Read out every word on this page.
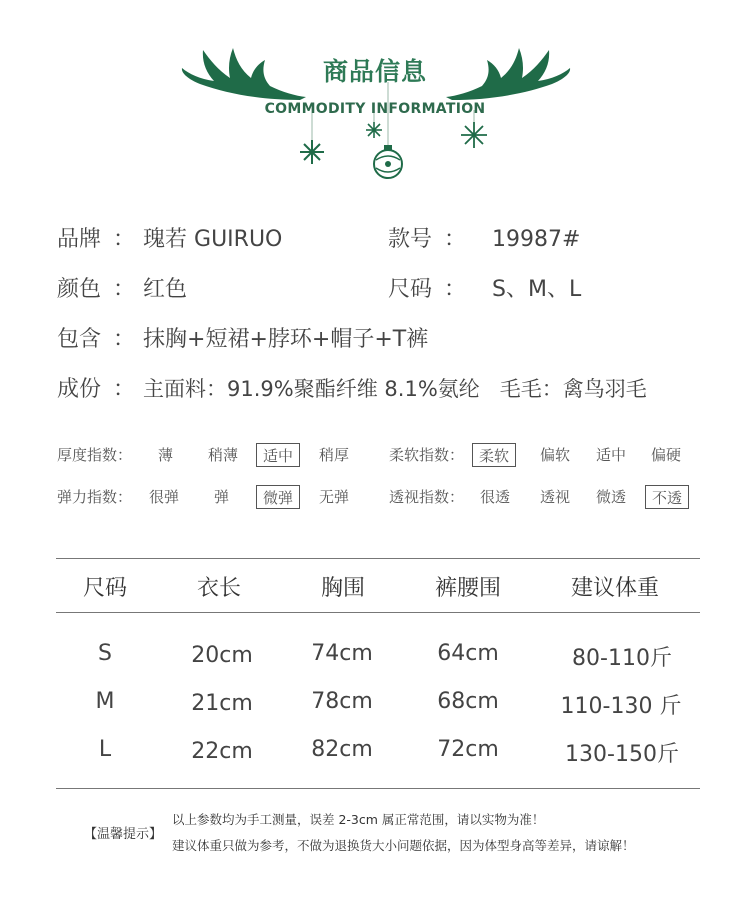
商品信息
COMMODITY INFORMATION
品牌 ： 瑰若 GUIRUO	款号 ： 19987#
颜色 ： 红色	尺码 ： S、M、L
包含 ： 抹胸+短裙+脖环+帽子+T裤
成份 ： 主面料：91.9%聚酯纤维 8.1%氨纶   毛毛：禽鸟羽毛
厚度指数： 薄 稍薄	适中	稍厚	柔软指数： 柔软	偏软 适中 偏硬
弹力指数： 很弹 弹	微弹	无弹	透视指数： 很透 透视 微透	不透
尺码	衣长	胸围	裤腰围	建议体重
S	20cm	74cm	64cm	80-110斤
M	21cm	78cm	68cm	110-130 斤
L	22cm	82cm	72cm	130-150斤
【温馨提示】
以上参数均为手工测量，误差 2-3cm 属正常范围，请以实物为准！
建议体重只做为参考，不做为退换货大小问题依据，因为体型身高等差异，请谅解！
